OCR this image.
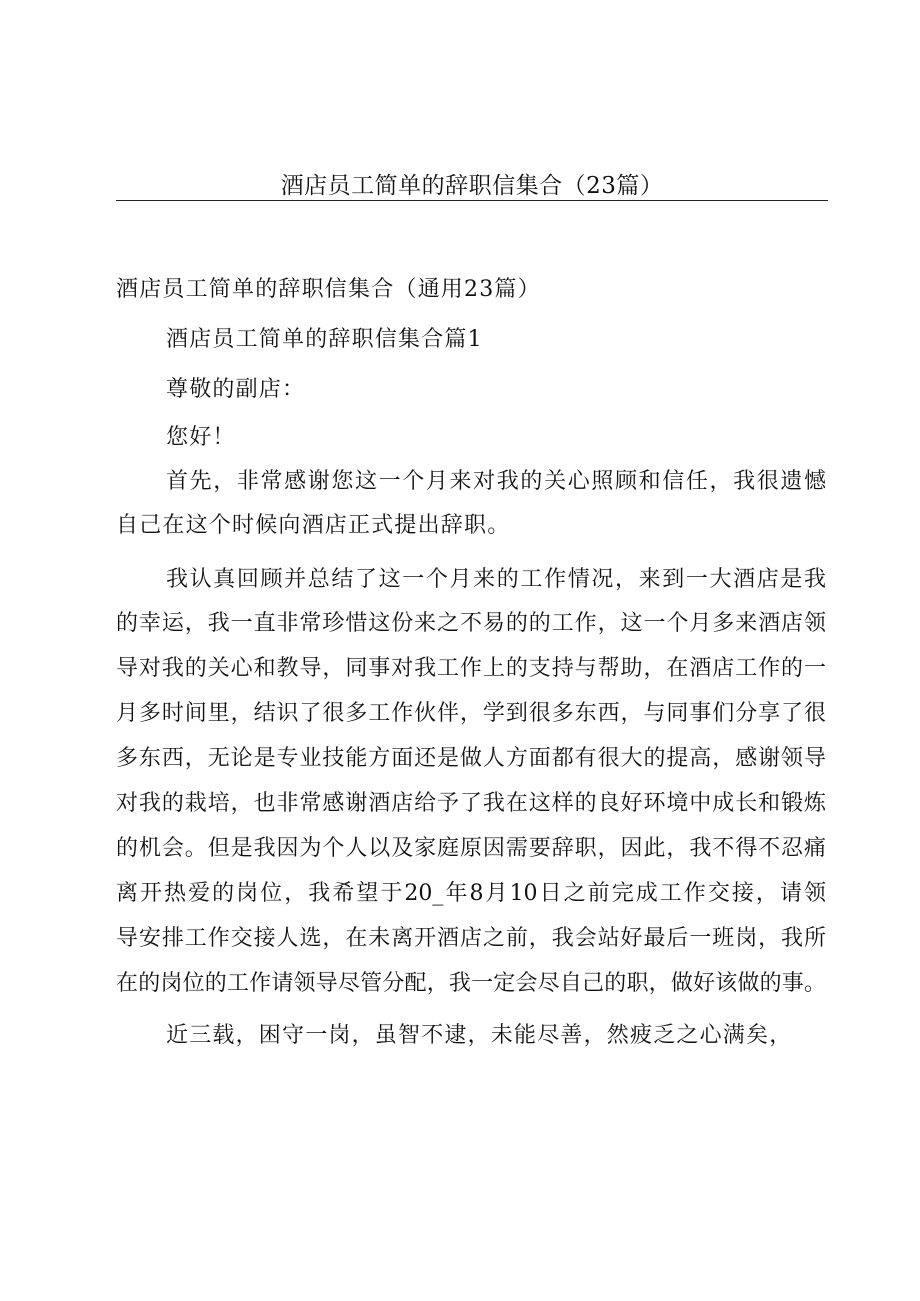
酒店员工简单的辞职信集合（23篇）
酒店员工简单的辞职信集合（通用23篇）
酒店员工简单的辞职信集合篇1
尊敬的副店：
您好！
首先，非常感谢您这一个月来对我的关心照顾和信任，我很遗憾
自己在这个时候向酒店正式提出辞职。
我认真回顾并总结了这一个月来的工作情况，来到一大酒店是我
的幸运，我一直非常珍惜这份来之不易的的工作，这一个月多来酒店领
导对我的关心和教导，同事对我工作上的支持与帮助，在酒店工作的一
月多时间里，结识了很多工作伙伴，学到很多东西，与同事们分享了很
多东西，无论是专业技能方面还是做人方面都有很大的提高，感谢领导
对我的栽培，也非常感谢酒店给予了我在这样的良好环境中成长和锻炼
的机会。但是我因为个人以及家庭原因需要辞职，因此，我不得不忍痛
离开热爱的岗位，我希望于20_年8月10日之前完成工作交接，请领
导安排工作交接人选，在未离开酒店之前，我会站好最后一班岗，我所
在的岗位的工作请领导尽管分配，我一定会尽自己的职，做好该做的事。
近三载，困守一岗，虽智不逮，未能尽善，然疲乏之心满矣，
